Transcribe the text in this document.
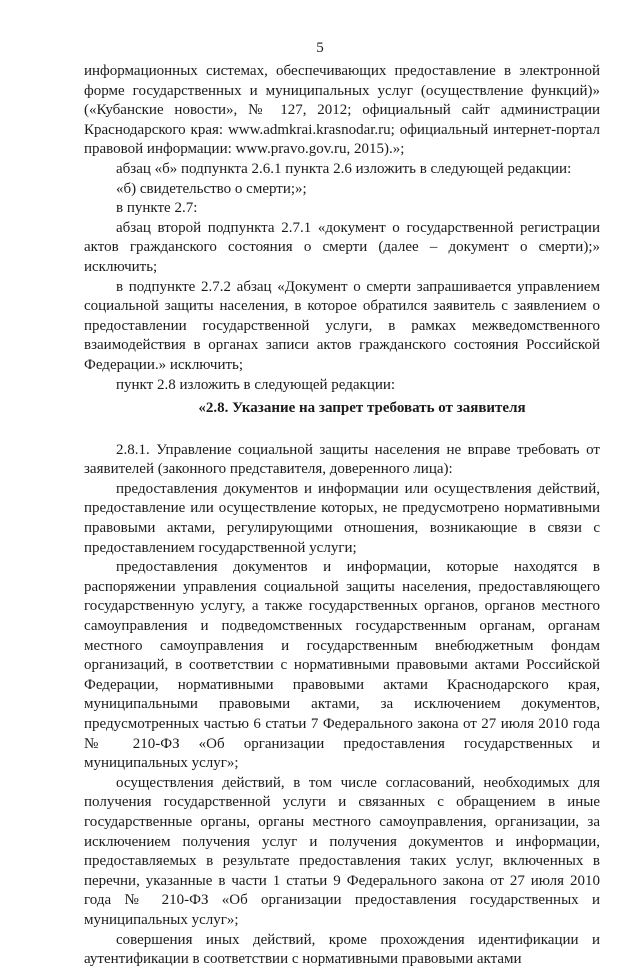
5

информационных системах, обеспечивающих предоставление в электронной форме государственных и муниципальных услуг (осуществление функций)» («Кубанские новости», № 127, 2012; официальный сайт администрации Краснодарского края: www.admkrai.krasnodar.ru; официальный интернет-портал правовой информации: www.pravo.gov.ru, 2015).»;

абзац «б» подпункта 2.6.1 пункта 2.6 изложить в следующей редакции:

«б) свидетельство о смерти;»;

в пункте 2.7:

абзац второй подпункта 2.7.1 «документ о государственной регистрации актов гражданского состояния о смерти (далее – документ о смерти);» исключить;

в подпункте 2.7.2 абзац «Документ о смерти запрашивается управлением социальной защиты населения, в которое обратился заявитель с заявлением о предоставлении государственной услуги, в рамках межведомственного взаимодействия в органах записи актов гражданского состояния Российской Федерации.» исключить;

пункт 2.8 изложить в следующей редакции:

«2.8. Указание на запрет требовать от заявителя

2.8.1. Управление социальной защиты населения не вправе требовать от заявителей (законного представителя, доверенного лица):

предоставления документов и информации или осуществления действий, предоставление или осуществление которых, не предусмотрено нормативными правовыми актами, регулирующими отношения, возникающие в связи с предоставлением государственной услуги;

предоставления документов и информации, которые находятся в распоряжении управления социальной защиты населения, предоставляющего государственную услугу, а также государственных органов, органов местного самоуправления и подведомственных государственным органам, органам местного самоуправления и государственным внебюджетным фондам организаций, в соответствии с нормативными правовыми актами Российской Федерации, нормативными правовыми актами Краснодарского края, муниципальными правовыми актами, за исключением документов, предусмотренных частью 6 статьи 7 Федерального закона от 27 июля 2010 года № 210-ФЗ «Об организации предоставления государственных и муниципальных услуг»;

осуществления действий, в том числе согласований, необходимых для получения государственной услуги и связанных с обращением в иные государственные органы, органы местного самоуправления, организации, за исключением получения услуг и получения документов и информации, предоставляемых в результате предоставления таких услуг, включенных в перечни, указанные в части 1 статьи 9 Федерального закона от 27 июля 2010 года № 210-ФЗ «Об организации предоставления государственных и муниципальных услуг»;

совершения иных действий, кроме прохождения идентификации и аутентификации в соответствии с нормативными правовыми актами
